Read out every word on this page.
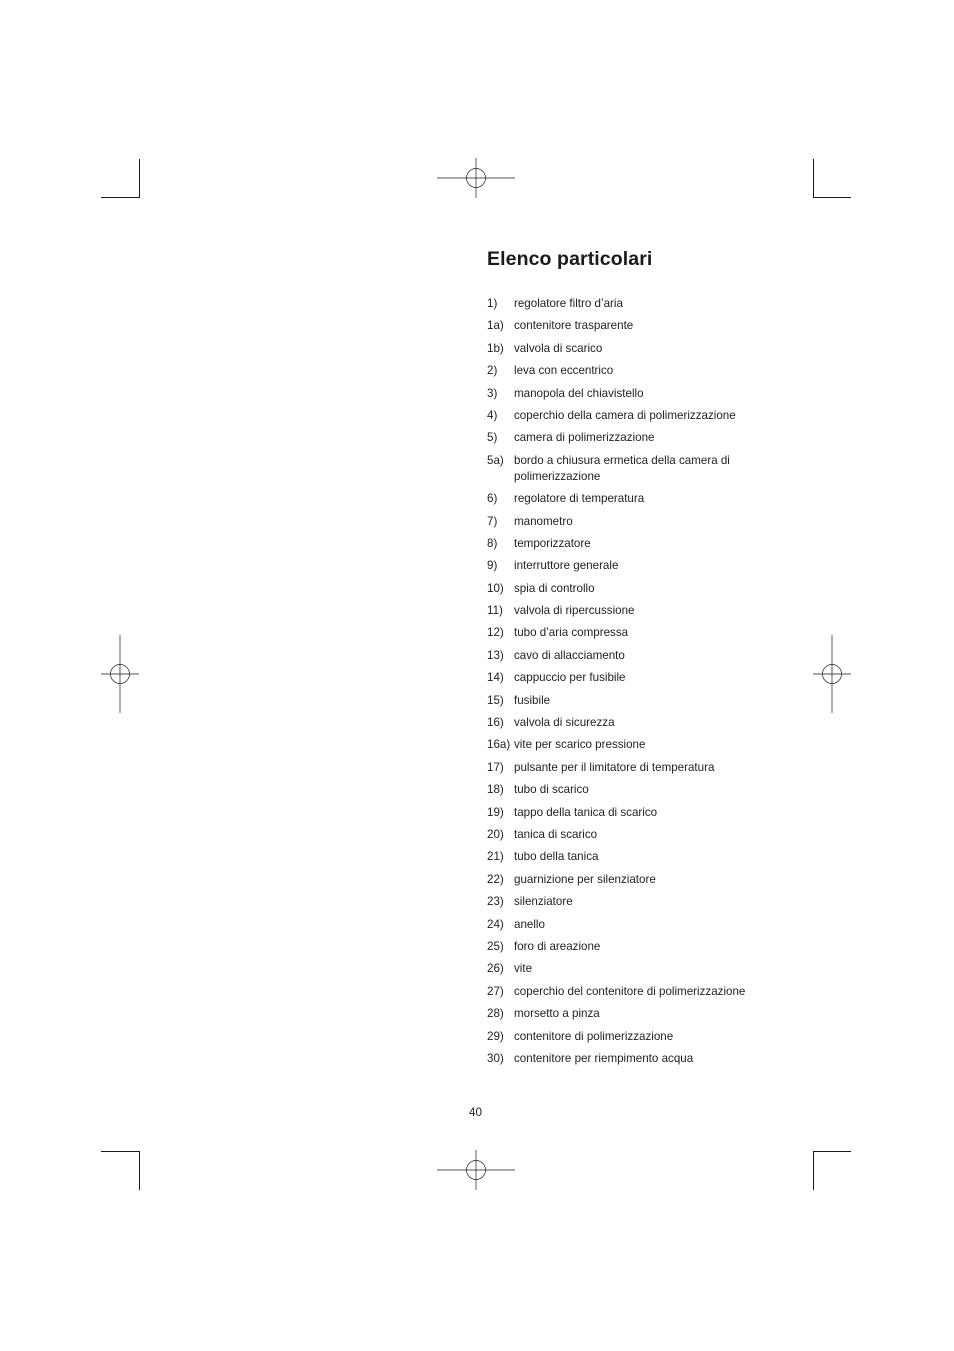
Elenco particolari
1)	regolatore filtro d’aria
1a) contenitore trasparente
1b) valvola di scarico
2)	leva con eccentrico
3)	manopola del chiavistello
4)	coperchio della camera di polimerizzazione
5)	camera di polimerizzazione
5a) bordo a chiusura ermetica della camera di polimerizzazione
6)	regolatore di temperatura
7)	manometro
8)	temporizzatore
9)	interruttore generale
10) spia di controllo
11) valvola di ripercussione
12) tubo d’aria compressa
13) cavo di allacciamento
14) cappuccio per fusibile
15) fusibile
16) valvola di sicurezza
16a) vite per scarico pressione
17) pulsante per il limitatore di temperatura
18) tubo di scarico
19) tappo della tanica di scarico
20) tanica di scarico
21) tubo della tanica
22) guarnizione per silenziatore
23) silenziatore
24) anello
25) foro di areazione
26) vite
27) coperchio del contenitore di polimerizzazione
28) morsetto a pinza
29) contenitore di polimerizzazione
30) contenitore per riempimento acqua
40
